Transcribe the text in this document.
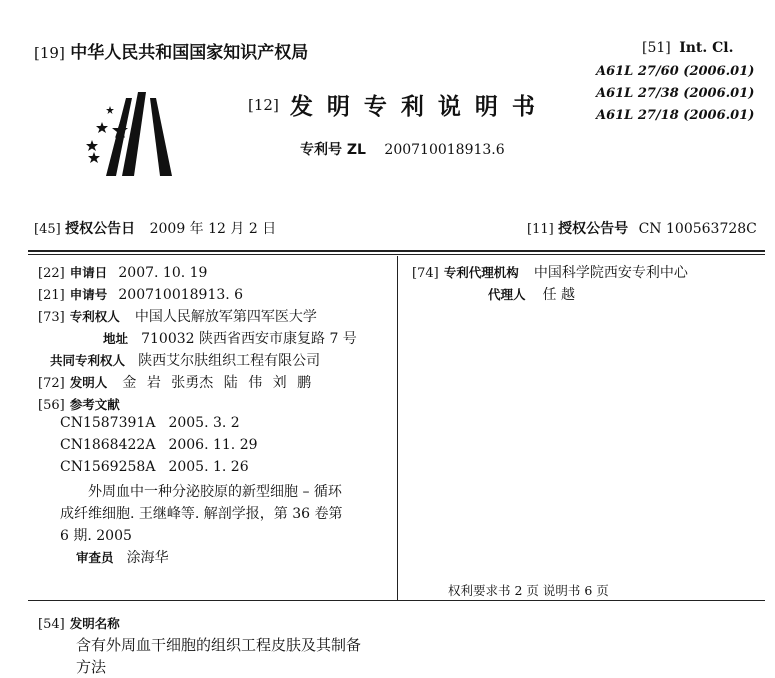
[19] 中华人民共和国国家知识产权局
[12] 发明专利说明书
专利号 ZL 200710018913.6
[51] Int. Cl.
A61L 27/60 (2006.01)
A61L 27/38 (2006.01)
A61L 27/18 (2006.01)
[45] 授权公告日 2009 年 12 月 2 日	[11] 授权公告号 CN 100563728C
[22] 申请日 2007. 10. 19
[21] 申请号 200710018913. 6
[73] 专利权人 中国人民解放军第四军医大学
地址 710032 陕西省西安市康复路 7 号
共同专利权人 陕西艾尔肤组织工程有限公司
[72] 发明人 金 岩 张勇杰 陆 伟 刘 鹏
[56] 参考文献
CN1587391A 2005. 3. 2
CN1868422A 2006. 11. 29
CN1569258A 2005. 1. 26
外周血中一种分泌胶原的新型细胞 – 循环
成纤维细胞. 王继峰等. 解剖学报，第 36 卷第
6 期. 2005
审查员 涂海华
[74] 专利代理机构 中国科学院西安专利中心
代理人 任 越
权利要求书 2 页 说明书 6 页
[54] 发明名称
含有外周血干细胞的组织工程皮肤及其制备
方法
